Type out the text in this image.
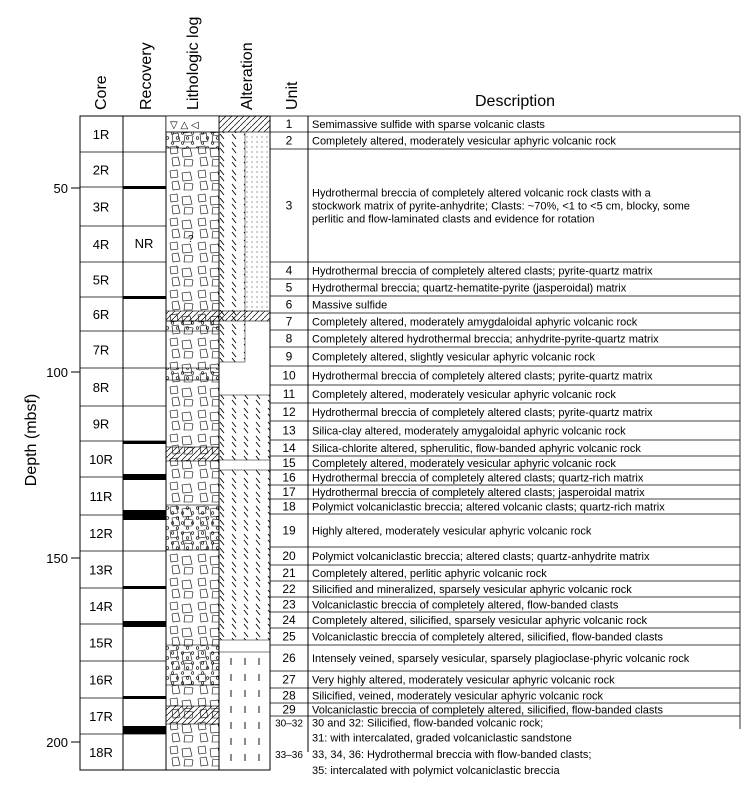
Core Recovery Lithologic log Alteration Unit	Description
Depth (mbsf)
50
100
150
200
▽ △ ◁
?
1R
2R
3R
4R
5R
6R
7R
8R
9R
10R
11R
12R
13R
14R
15R
16R
17R
18R
NR
1 Semimassive sulfide with sparse volcanic clasts
2 Completely altered, moderately vesicular aphyric volcanic rock
3
Hydrothermal breccia of completely altered volcanic rock clasts with a stockwork matrix of pyrite-anhydrite; Clasts: ~70%, <1 to <5 cm, blocky, some perlitic and flow-laminated clasts and evidence for rotation
4 Hydrothermal breccia of completely altered clasts; pyrite-quartz matrix
5 Hydrothermal breccia; quartz-hematite-pyrite (jasperoidal) matrix
6 Massive sulfide
7 Completely altered, moderately amygdaloidal aphyric volcanic rock
8 Completely altered hydrothermal breccia; anhydrite-pyrite-quartz matrix
9 Completely altered, slightly vesicular aphyric volcanic rock
10 Hydrothermal breccia of completely altered clasts; pyrite-quartz matrix
11 Completely altered, moderately vesicular aphyric volcanic rock
12 Hydrothermal breccia of completely altered clasts; pyrite-quartz matrix
13 Silica-clay altered, moderately amygaloidal aphyric volcanic rock
14 Silica-chlorite altered, spherulitic, flow-banded aphyric volcanic rock
15 Completely altered, moderately vesicular aphyric volcanic rock
16 Hydrothermal breccia of completely altered clasts; quartz-rich matrix
17 Hydrothermal breccia of completely altered clasts; jasperoidal matrix
18 Polymict volcaniclastic breccia; altered volcanic clasts; quartz-rich matrix
19 Highly altered, moderately vesicular aphyric volcanic rock
20 Polymict volcaniclastic breccia; altered clasts; quartz-anhydrite matrix
21 Completely altered, perlitic aphyric volcanic rock
22 Silicified and mineralized, sparsely vesicular aphyric volcanic rock
23 Volcaniclastic breccia of completely altered, flow-banded clasts
24 Completely altered, silicified, sparsely vesicular aphyric volcanic rock
25 Volcaniclastic breccia of completely altered, silicified, flow-banded clasts
26 Intensely veined, sparsely vesicular, sparsely plagioclase-phyric volcanic rock
27 Very highly altered, moderately vesicular aphyric volcanic rock
28 Silicified, veined, moderately vesicular aphyric volcanic rock
29 Volcaniclastic breccia of completely altered, silicified, flow-banded clasts
30–32 30 and 32: Silicified, flow-banded volcanic rock;
31: with intercalated, graded volcaniclastic sandstone
33–36 33, 34, 36: Hydrothermal breccia with flow-banded clasts;
35: intercalated with polymict volcaniclastic breccia
